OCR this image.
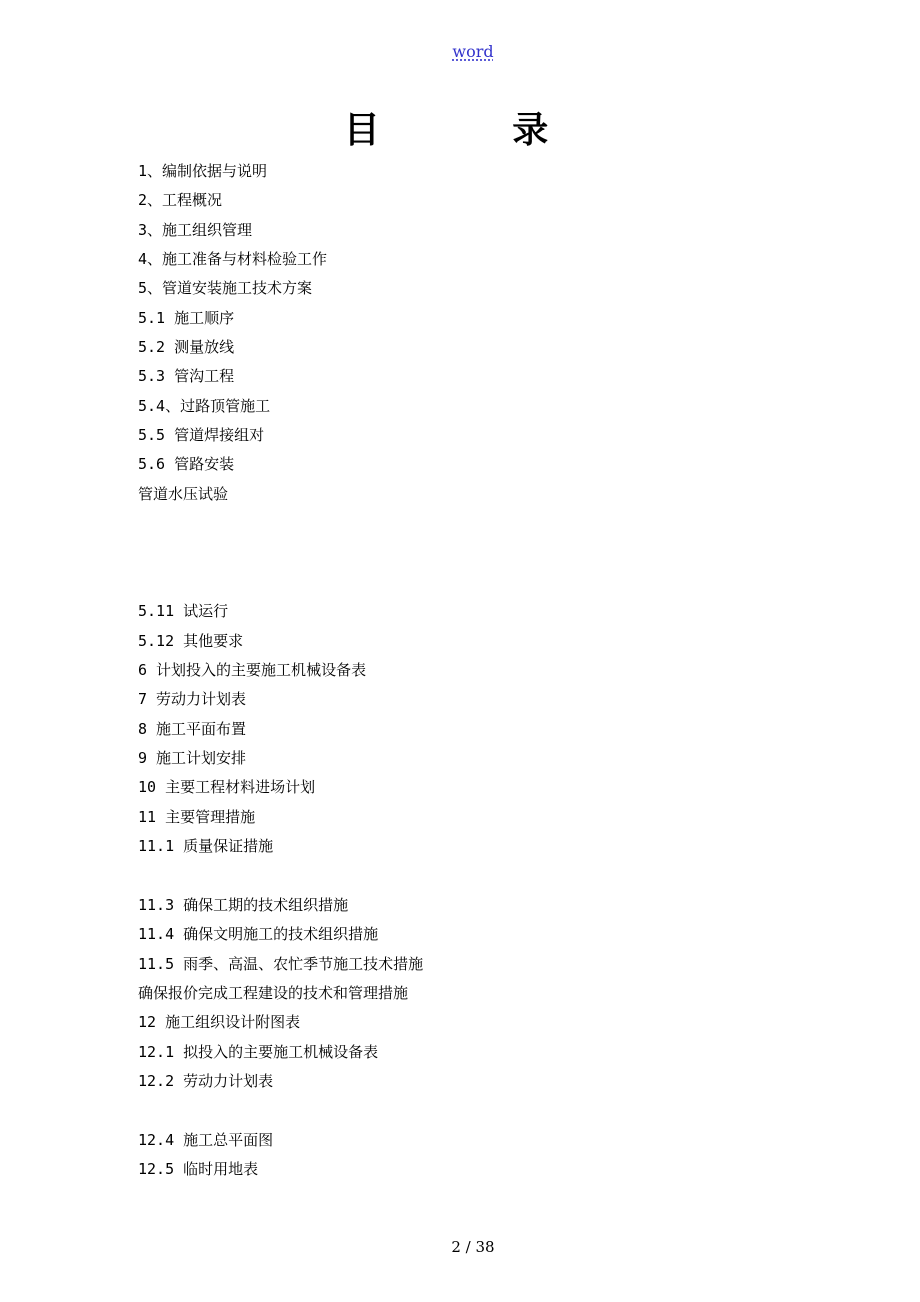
word
目 录
1、编制依据与说明
2、工程概况
3、施工组织管理
4、施工准备与材料检验工作
5、管道安装施工技术方案
5.1 施工顺序
5.2 测量放线
5.3 管沟工程
5.4、过路顶管施工
5.5 管道焊接组对
5.6 管路安装
管道水压试验
5.11 试运行
5.12 其他要求
6 计划投入的主要施工机械设备表
7 劳动力计划表
8 施工平面布置
9 施工计划安排
10 主要工程材料进场计划
11 主要管理措施
11.1 质量保证措施
11.3 确保工期的技术组织措施
11.4 确保文明施工的技术组织措施
11.5 雨季、高温、农忙季节施工技术措施
确保报价完成工程建设的技术和管理措施
12 施工组织设计附图表
12.1 拟投入的主要施工机械设备表
12.2 劳动力计划表
12.4 施工总平面图
12.5 临时用地表
2 / 38
